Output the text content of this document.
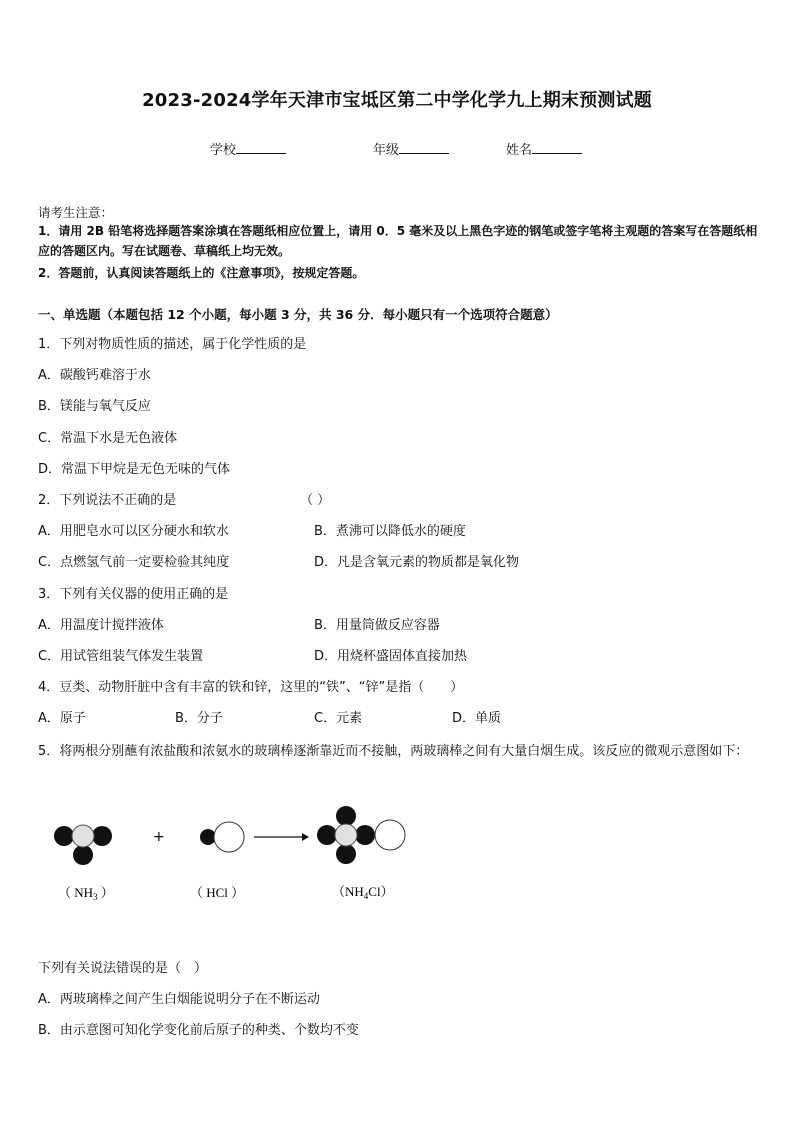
2023-2024学年天津市宝坻区第二中学化学九上期末预测试题
学校	年级	姓名
请考生注意：
1．请用 2B 铅笔将选择题答案涂填在答题纸相应位置上，请用 0．5 毫米及以上黑色字迹的钢笔或签字笔将主观题的答案写在答题纸相应的答题区内。写在试题卷、草稿纸上均无效。
2．答题前，认真阅读答题纸上的《注意事项》，按规定答题。
一、单选题（本题包括 12 个小题，每小题 3 分，共 36 分．每小题只有一个选项符合题意）
1．下列对物质性质的描述，属于化学性质的是
A．碳酸钙难溶于水
B．镁能与氧气反应
C．常温下水是无色液体
D．常温下甲烷是无色无味的气体
2．下列说法不正确的是	（ ）
A．用肥皂水可以区分硬水和软水	B．煮沸可以降低水的硬度
C．点燃氢气前一定要检验其纯度	D．凡是含氧元素的物质都是氧化物
3．下列有关仪器的使用正确的是
A．用温度计搅拌液体	B．用量筒做反应容器
C．用试管组装气体发生装置	D．用烧杯盛固体直接加热
4．豆类、动物肝脏中含有丰富的铁和锌，这里的“铁”、“锌”是指（　　）
A．原子	B．分子	C．元素	D．单质
5．将两根分别蘸有浓盐酸和浓氨水的玻璃棒逐渐靠近而不接触，两玻璃棒之间有大量白烟生成。该反应的微观示意图如下：
+
（ $NH_3$ ）	（ HCl ）	$(NH_4Cl)$
下列有关说法错误的是（　）
A．两玻璃棒之间产生白烟能说明分子在不断运动
B．由示意图可知化学变化前后原子的种类、个数均不变
